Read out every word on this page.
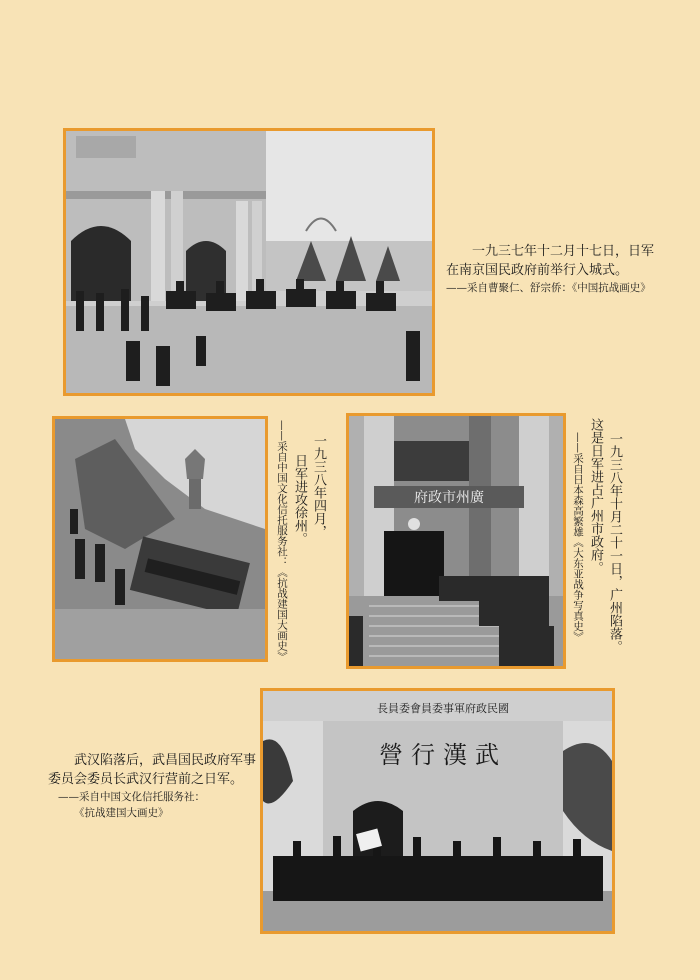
一九三七年十二月十七日，日军
在南京国民政府前举行入城式。
——采自曹聚仁、舒宗侨：《中国抗战画史》
一九三八年四月，
日军进攻徐州。
——采自中国文化信托服务社：《抗战建国大画史》	府政市州廣	一九三八年十月二十一日，广州陷落。
这是日军进占广州市政府。
——采自日本森高繁雄《大东亚战争写真史》
長員委會員委事軍府政民國
營行漢武
武汉陷落后，武昌国民政府军事
委员会委员长武汉行营前之日军。
——采自中国文化信托服务社：
《抗战建国大画史》
